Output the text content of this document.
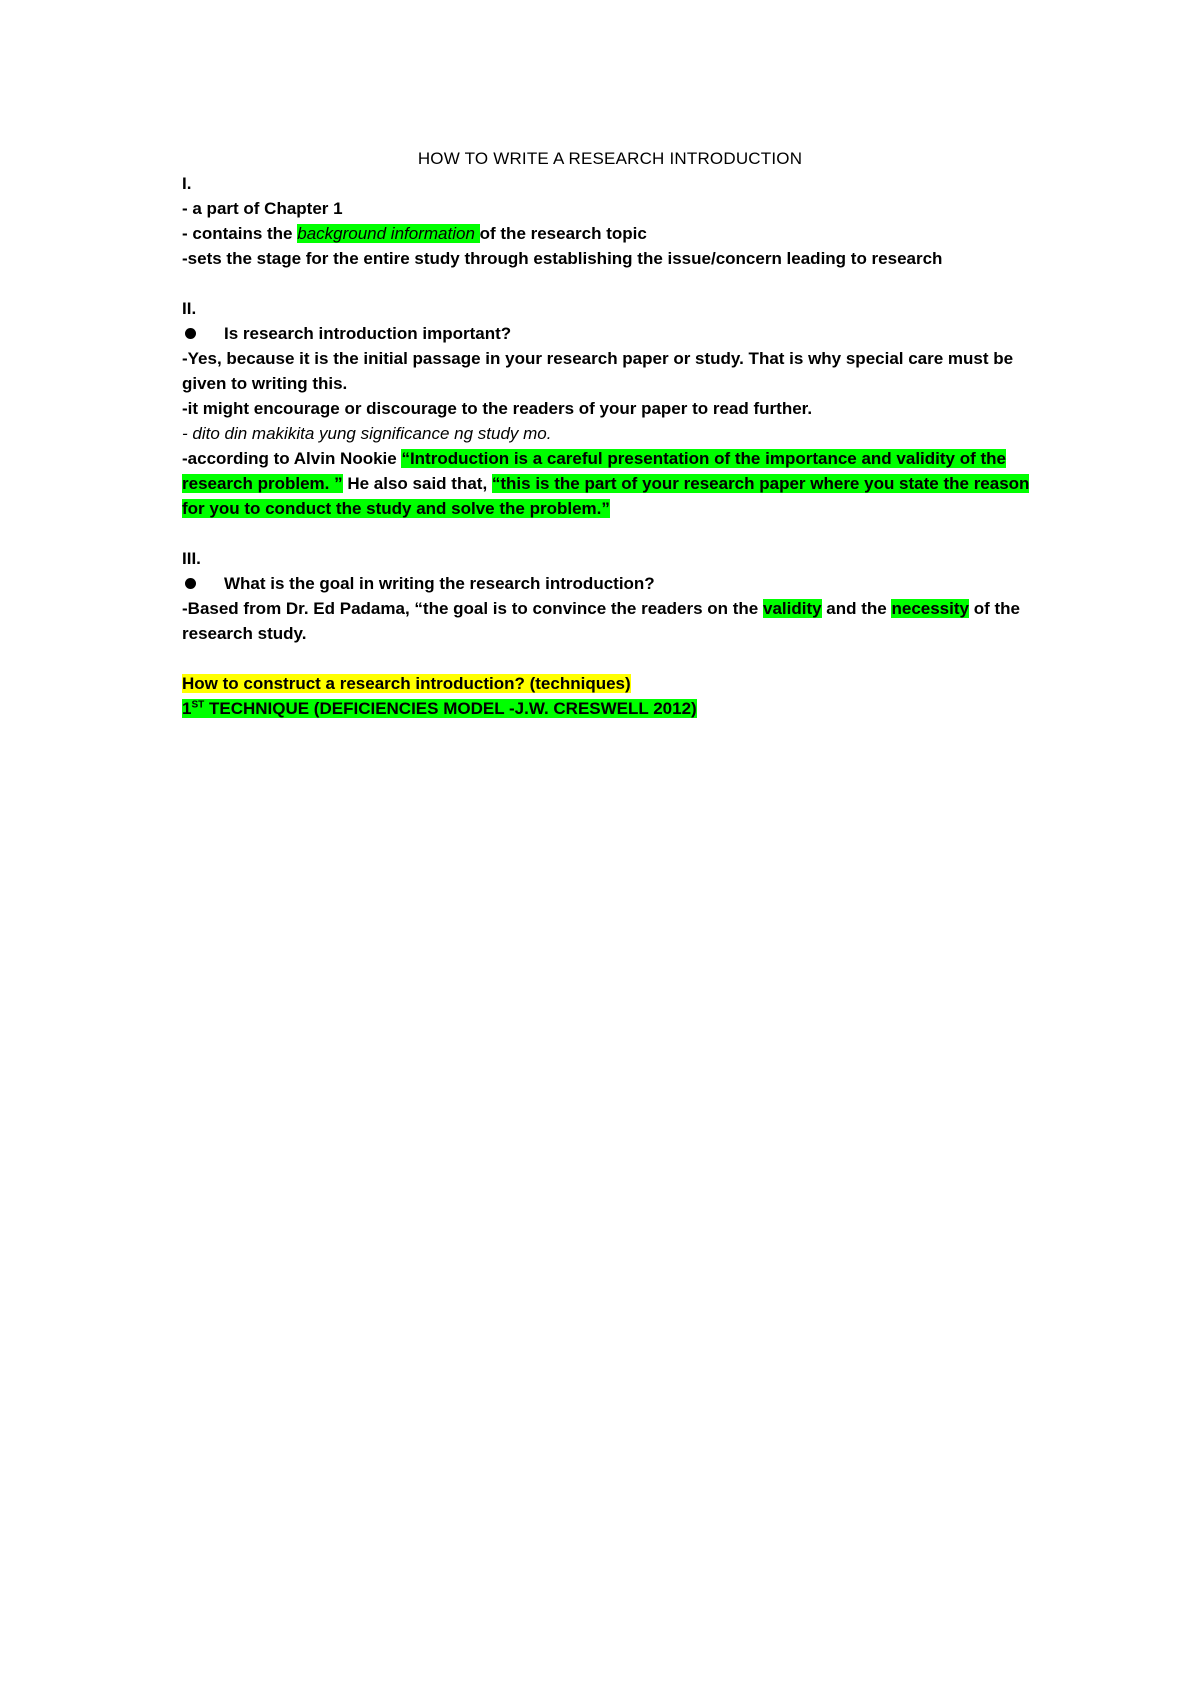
HOW TO WRITE A RESEARCH INTRODUCTION
I.
- a part of Chapter 1
- contains the background information of the research topic
-sets the stage for the entire study through establishing the issue/concern leading to research
II.
Is research introduction important?
-Yes, because it is the initial passage in your research paper or study. That is why special care must be given to writing this.
-it might encourage or discourage to the readers of your paper to read further.
- dito din makikita yung significance ng study mo.
-according to Alvin Nookie “Introduction is a careful presentation of the importance and validity of the research problem. ” He also said that, “this is the part of your research paper where you state the reason for you to conduct the study and solve the problem.”
III.
What is the goal in writing the research introduction?
-Based from Dr. Ed Padama, “the goal is to convince the readers on the validity and the necessity of the research study.
How to construct a research introduction? (techniques)
1ST TECHNIQUE (DEFICIENCIES MODEL -J.W. CRESWELL 2012)
